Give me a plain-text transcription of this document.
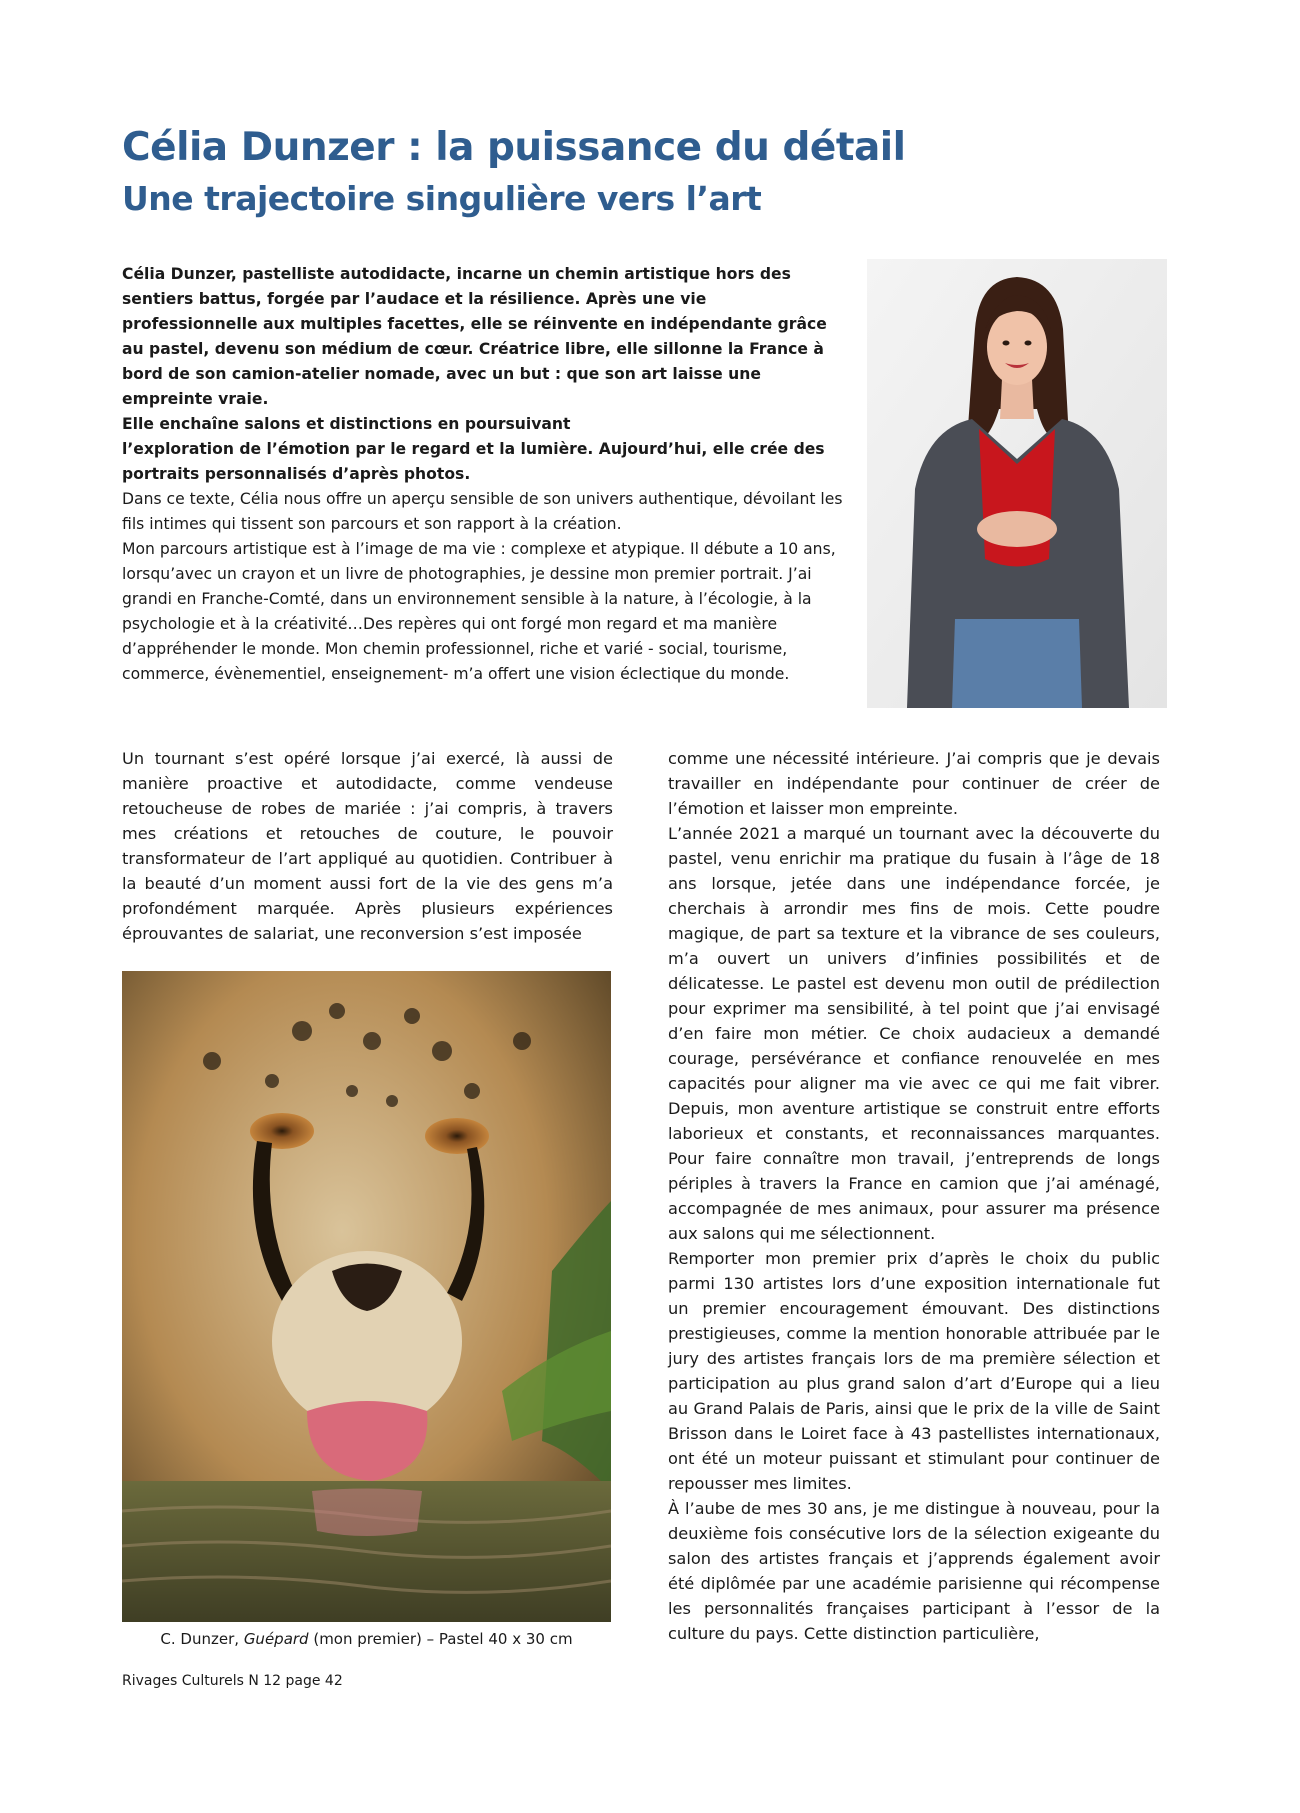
Célia Dunzer : la puissance du détail
Une trajectoire singulière vers l’art

Célia Dunzer, pastelliste autodidacte, incarne un chemin artistique hors des sentiers battus, forgée par l’audace et la résilience. Après une vie professionnelle aux multiples facettes, elle se réinvente en indépendante grâce au pastel, devenu son médium de cœur. Créatrice libre, elle sillonne la France à bord de son camion-atelier nomade, avec un but : que son art laisse une empreinte vraie.

Elle enchaîne salons et distinctions en poursuivant

l’exploration de l’émotion par le regard et la lumière. Aujourd’hui, elle crée des portraits personnalisés d’après photos.

Dans ce texte, Célia nous offre un aperçu sensible de son univers authentique, dévoilant les fils intimes qui tissent son parcours et son rapport à la création.

Mon parcours artistique est à l’image de ma vie : complexe et atypique. Il débute a 10 ans, lorsqu’avec un crayon et un livre de photographies, je dessine mon premier portrait. J’ai grandi en Franche-Comté, dans un environnement sensible à la nature, à l’écologie, à la psychologie et à la créativité…Des repères qui ont forgé mon regard et ma manière d’appréhender le monde. Mon chemin professionnel, riche et varié - social, tourisme, commerce, évènementiel, enseignement- m’a offert une vision éclectique du monde.

Un tournant s’est opéré lorsque j’ai exercé, là aussi de manière proactive et autodidacte, comme vendeuse retoucheuse de robes de mariée : j’ai compris, à travers mes créations et retouches de couture, le pouvoir transformateur de l’art appliqué au quotidien. Contribuer à la beauté d’un moment aussi fort de la vie des gens m’a profondément marquée. Après plusieurs expériences éprouvantes de salariat, une reconversion s’est imposée

C. Dunzer, Guépard (mon premier) – Pastel 40 x 30 cm

comme une nécessité intérieure. J’ai compris que je devais travailler en indépendante pour continuer de créer de l’émotion et laisser mon empreinte.

L’année 2021 a marqué un tournant avec la découverte du pastel, venu enrichir ma pratique du fusain à l’âge de 18 ans lorsque, jetée dans une indépendance forcée, je cherchais à arrondir mes fins de mois. Cette poudre magique, de part sa texture et la vibrance de ses couleurs, m’a ouvert un univers d’infinies possibilités et de délicatesse. Le pastel est devenu mon outil de prédilection pour exprimer ma sensibilité, à tel point que j’ai envisagé d’en faire mon métier. Ce choix audacieux a demandé courage, persévérance et confiance renouvelée en mes capacités pour aligner ma vie avec ce qui me fait vibrer. Depuis, mon aventure artistique se construit entre efforts laborieux et constants, et reconnaissances marquantes. Pour faire connaître mon travail, j’entreprends de longs périples à travers la France en camion que j’ai aménagé, accompagnée de mes animaux, pour assurer ma présence aux salons qui me sélectionnent.

Remporter mon premier prix d’après le choix du public parmi 130 artistes lors d’une exposition internationale fut un premier encouragement émouvant. Des distinctions prestigieuses, comme la mention honorable attribuée par le jury des artistes français lors de ma première sélection et participation au plus grand salon d’art d’Europe qui a lieu au Grand Palais de Paris, ainsi que le prix de la ville de Saint Brisson dans le Loiret face à 43 pastellistes internationaux, ont été un moteur puissant et stimulant pour continuer de repousser mes limites.

À l’aube de mes 30 ans, je me distingue à nouveau, pour la deuxième fois consécutive lors de la sélection exigeante du salon des artistes français et j’apprends également avoir été diplômée par une académie parisienne qui récompense les personnalités françaises participant à l’essor de la culture du pays. Cette distinction particulière,

Rivages Culturels N 12 page 42
